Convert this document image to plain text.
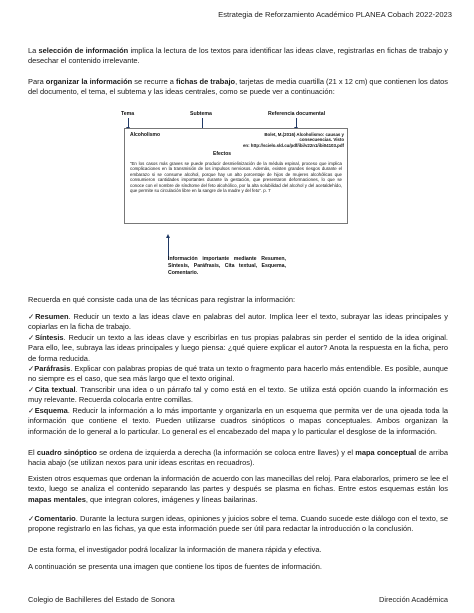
Estrategia de Reforzamiento Académico PLANEA Cobach 2022-2023
La selección de información implica la lectura de los textos para identificar las ideas clave, registrarlas en fichas de trabajo y desechar el contenido irrelevante.
Para organizar la información se recurre a fichas de trabajo, tarjetas de media cuartilla (21 x 12 cm) que contienen los datos del documento, el tema, el subtema y las ideas centrales, como se puede ver a continuación:
Tema	Subtema	Referencia documental
Alcoholismo	Bolet, M.(2016) Alcoholismo: causas y consecuencias. Visto
en: http://scielo.sld.cu/pdf/ibi/v22n1/ibi04103.pdf
Efectos
“En los casos más graves se puede producir desmielinización de la médula espinal, proceso que implica complicaciones en la transmisión de los impulsos nerviosos. Además, existen grandes riesgos durante el embarazo si se consume alcohol, porque hay un alto porcentaje de hijos de mujeres alcohólicas que consumieron cantidades importantes durante la gestación, que presentaron deformaciones, lo que se conoce con el nombre de síndrome del feto alcohólico, por la alta solubilidad del alcohol y del acetaldehído, que permite su circulación libre en la sangre de la madre y del feto”. p. 7
Información importante mediante Resumen, Síntesis, Paráfrasis, Cita textual, Esquema, Comentario.
Recuerda en qué consiste cada una de las técnicas para registrar la información:
✓Resumen. Reducir un texto a las ideas clave en palabras del autor. Implica leer el texto, subrayar las ideas principales y copiarlas en la ficha de trabajo.
✓Síntesis. Reducir un texto a las ideas clave y escribirlas en tus propias palabras sin perder el sentido de la idea original. Para ello, lee, subraya las ideas principales y luego piensa: ¿qué quiere explicar el autor? Anota la respuesta en la ficha, pero de forma reducida.
✓Paráfrasis. Explicar con palabras propias de qué trata un texto o fragmento para hacerlo más entendible. Es posible, aunque no siempre es el caso, que sea más largo que el texto original.
✓Cita textual. Transcribir una idea o un párrafo tal y como está en el texto. Se utiliza está opción cuando la información es muy relevante. Recuerda colocarla entre comillas.
✓Esquema. Reducir la información a lo más importante y organizarla en un esquema que permita ver de una ojeada toda la información que contiene el texto. Pueden utilizarse cuadros sinópticos o mapas conceptuales. Ambos organizan la información de lo general a lo particular. Lo general es el encabezado del mapa y lo particular el desglose de la información.
El cuadro sinóptico se ordena de izquierda a derecha (la información se coloca entre llaves) y el mapa conceptual de arriba hacia abajo (se utilizan nexos para unir ideas escritas en recuadros).
Existen otros esquemas que ordenan la información de acuerdo con las manecillas del reloj. Para elaborarlos, primero se lee el texto, luego se analiza el contenido separando las partes y después se plasma en fichas. Entre estos esquemas están los mapas mentales, que integran colores, imágenes y líneas bailarinas.
✓Comentario. Durante la lectura surgen ideas, opiniones y juicios sobre el tema. Cuando sucede este diálogo con el texto, se propone registrarlo en las fichas, ya que esta información puede ser útil para redactar la introducción o la conclusión.
De esta forma, el investigador podrá localizar la información de manera rápida y efectiva.
A continuación se presenta una imagen que contiene los tipos de fuentes de información.
Colegio de Bachilleres del Estado de Sonora	Dirección Académica
